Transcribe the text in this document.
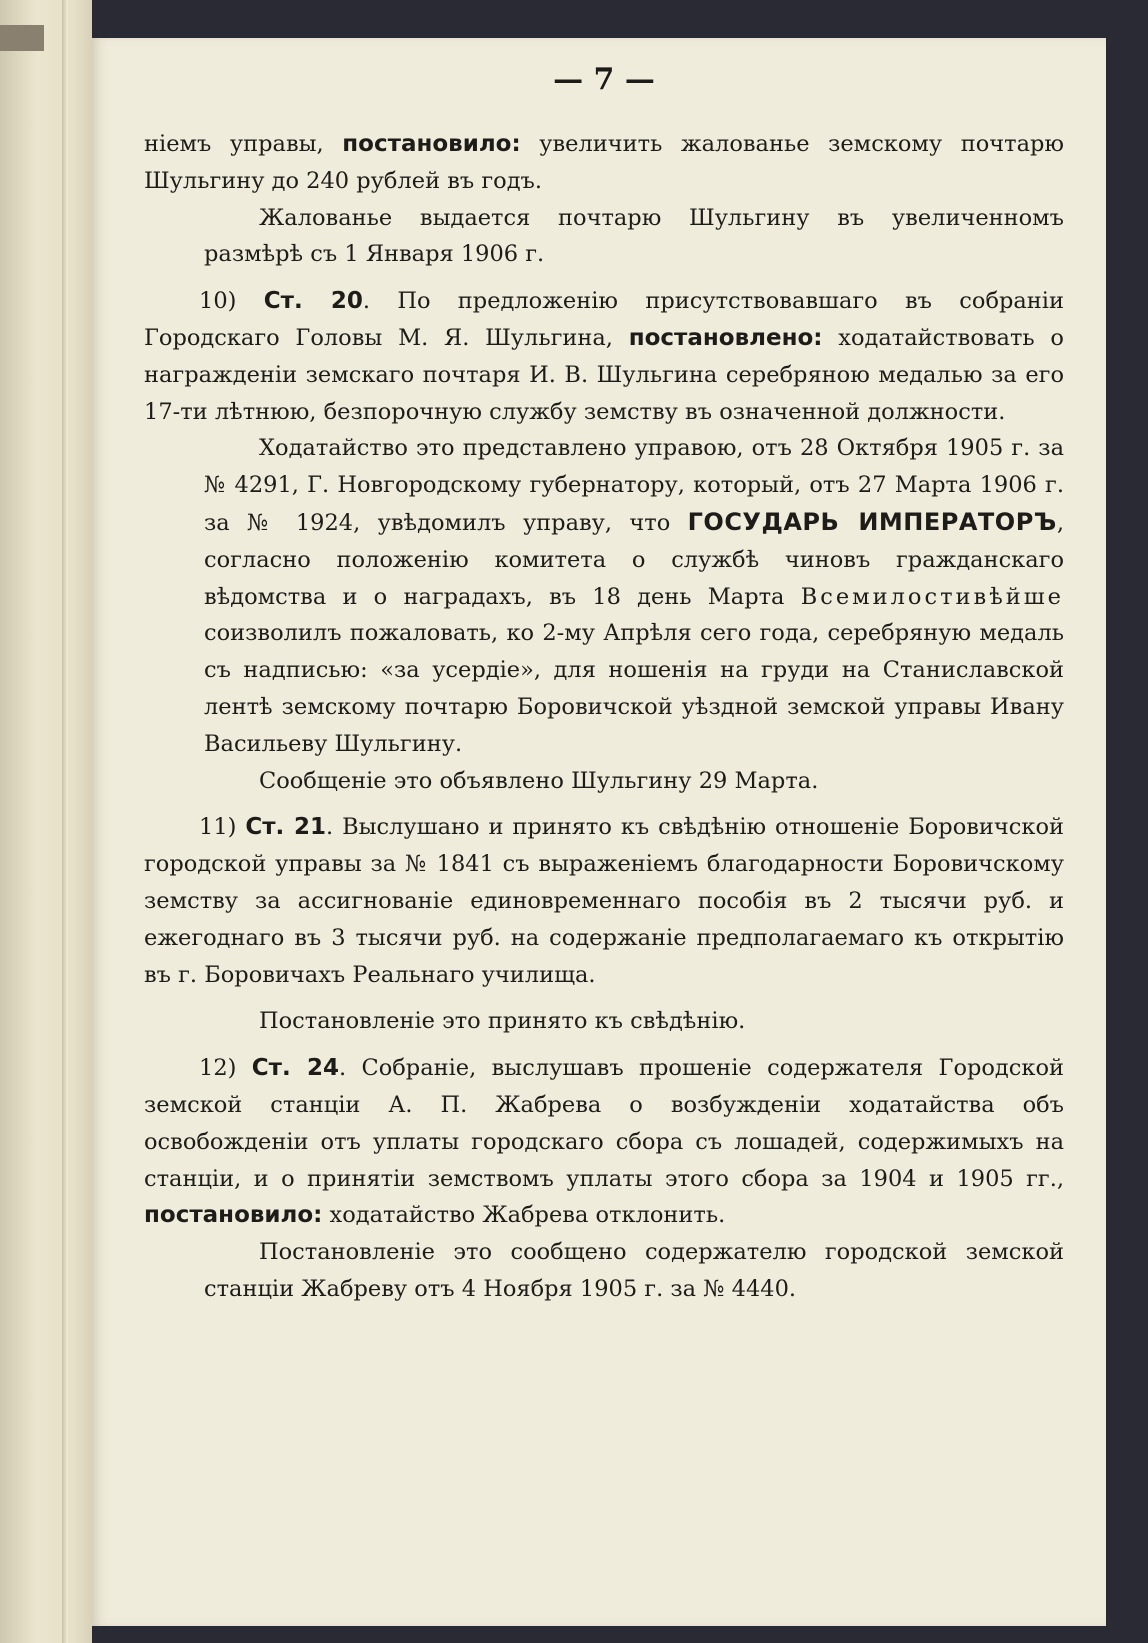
— 7 —

ніемъ управы, постановило: увеличить жалованье земскому почтарю Шульгину до 240 рублей въ годъ.

Жалованье выдается почтарю Шульгину въ увеличенномъ размѣрѣ съ 1 Января 1906 г.

10) Ст. 20. По предложенію присутствовавшаго въ собраніи Городскаго Головы М. Я. Шульгина, постановлено: ходатайствовать о награжденіи земскаго почтаря И. В. Шульгина серебряною медалью за его 17-ти лѣтнюю, безпорочную службу земству въ означенной должности.

Ходатайство это представлено управою, отъ 28 Октября 1905 г. за № 4291, Г. Новгородскому губернатору, который, отъ 27 Марта 1906 г. за № 1924, увѣдомилъ управу, что ГОСУДАРЬ ИМПЕРАТОРЪ, согласно положенію комитета о службѣ чиновъ гражданскаго вѣдомства и о наградахъ, въ 18 день Марта Всемилостивѣйше соизволилъ пожаловать, ко 2-му Апрѣля сего года, серебряную медаль съ надписью: «за усердіе», для ношенія на груди на Станиславской лентѣ земскому почтарю Боровичской уѣздной земской управы Ивану Васильеву Шульгину.

Сообщеніе это объявлено Шульгину 29 Марта.

11) Ст. 21. Выслушано и принято къ свѣдѣнію отношеніе Боровичской городской управы за № 1841 съ выраженіемъ благодарности Боровичскому земству за ассигнованіе единовременнаго пособія въ 2 тысячи руб. и ежегоднаго въ 3 тысячи руб. на содержаніе предполагаемаго къ открытію въ г. Боровичахъ Реальнаго училища.

Постановленіе это принято къ свѣдѣнію.

12) Ст. 24. Собраніе, выслушавъ прошеніе содержателя Городской земской станціи А. П. Жабрева о возбужденіи ходатайства объ освобожденіи отъ уплаты городскаго сбора съ лошадей, содержимыхъ на станціи, и о принятіи земствомъ уплаты этого сбора за 1904 и 1905 гг., постановило: ходатайство Жабрева отклонить.

Постановленіе это сообщено содержателю городской земской станціи Жабреву отъ 4 Ноября 1905 г. за № 4440.
